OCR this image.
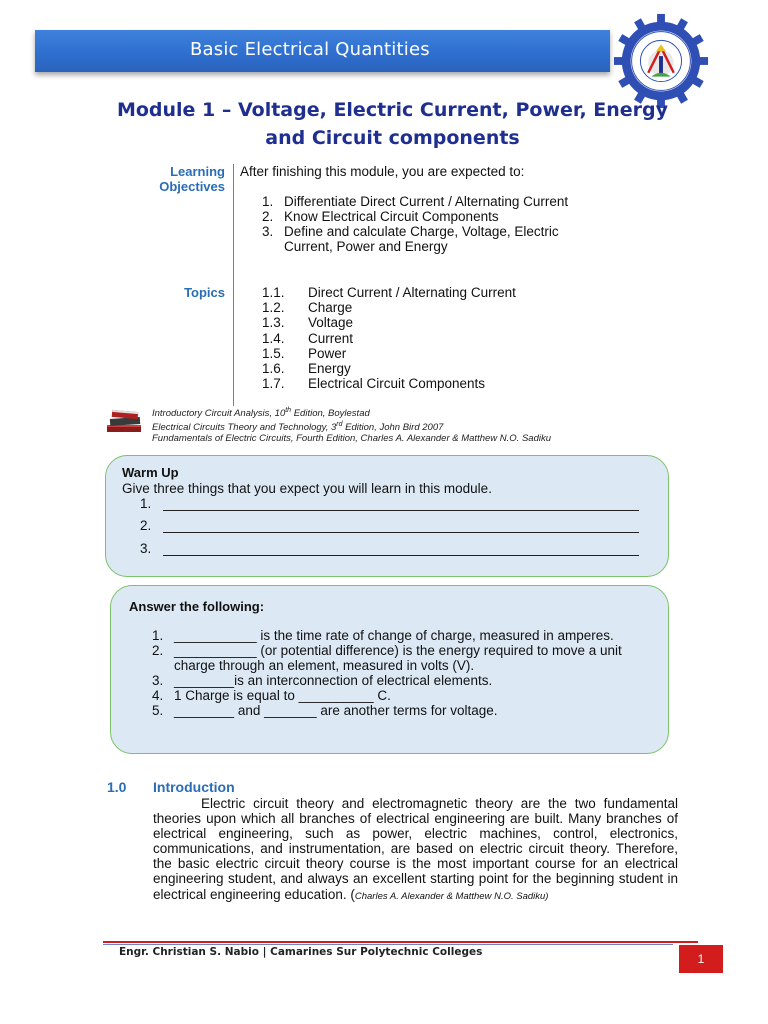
Basic Electrical Quantities
Module 1 – Voltage, Electric Current, Power, Energy
and Circuit components
Learning
Objectives
After finishing this module, you are expected to:
1. Differentiate Direct Current / Alternating Current
2. Know Electrical Circuit Components
3. Define and calculate Charge, Voltage, Electric Current, Power and Energy
Topics	1.1.	Direct Current / Alternating Current
1.2.	Charge
1.3.	Voltage
1.4.	Current
1.5.	Power
1.6.	Energy
1.7.	Electrical Circuit Components
Introductory Circuit Analysis, 10th Edition, Boylestad
Electrical Circuits Theory and Technology, 3rd Edition, John Bird 2007
Fundamentals of Electric Circuits, Fourth Edition, Charles A. Alexander & Matthew N.O. Sadiku
Warm Up
Give three things that you expect you will learn in this module.
1.
2.
3.
Answer the following:
1. ___________ is the time rate of change of charge, measured in amperes.
2. ___________ (or potential difference) is the energy required to move a unit charge through an element, measured in volts (V).
3. ________is an interconnection of electrical elements.
4. 1 Charge is equal to __________ C.
5. ________ and _______ are another terms for voltage.
1.0 Introduction
Electric circuit theory and electromagnetic theory are the two fundamental theories upon which all branches of electrical engineering are built. Many branches of electrical engineering, such as power, electric machines, control, electronics, communications, and instrumentation, are based on electric circuit theory. Therefore, the basic electric circuit theory course is the most important course for an electrical engineering student, and always an excellent starting point for the beginning student in electrical engineering education. (Charles A. Alexander & Matthew N.O. Sadiku)
Engr. Christian S. Nabio | Camarines Sur Polytechnic Colleges	1
